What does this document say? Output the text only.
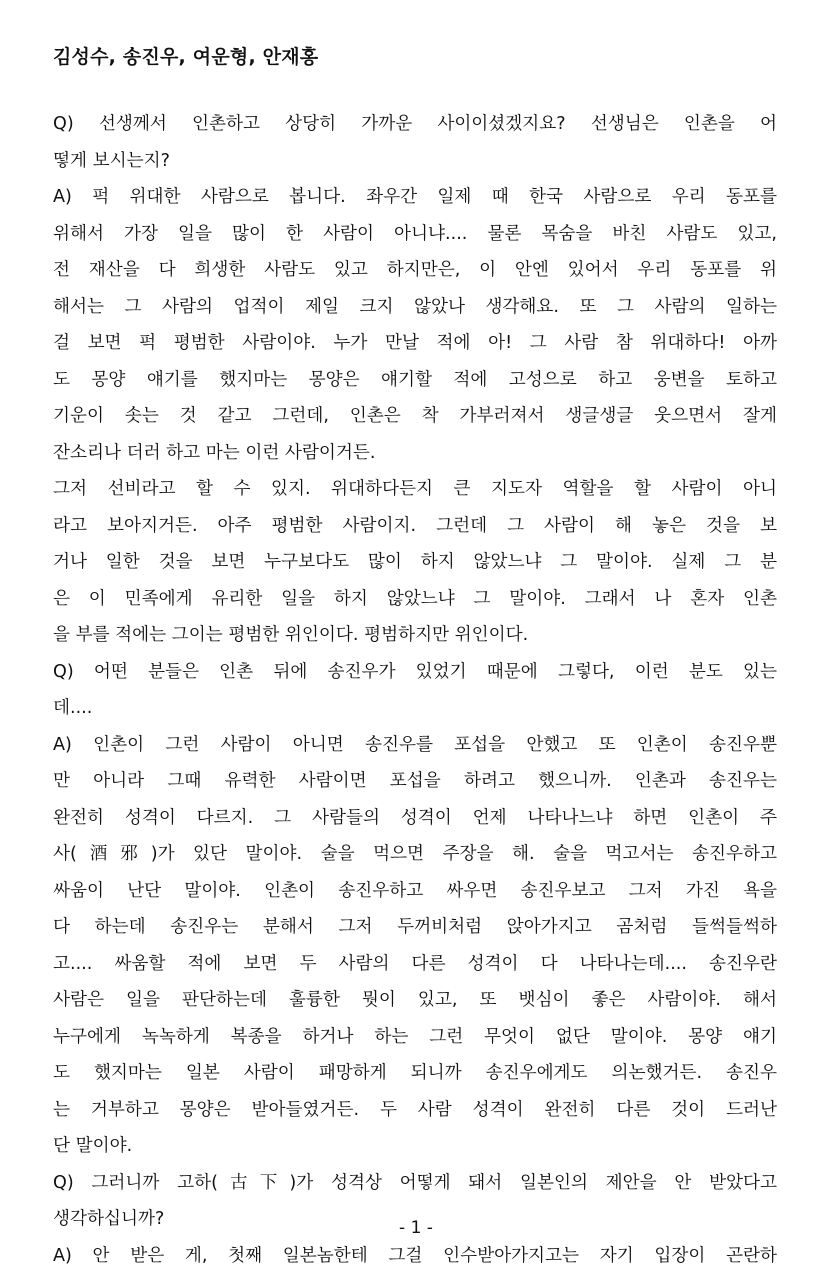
김성수, 송진우, 여운형, 안재홍
Q) 선생께서 인촌하고 상당히 가까운 사이이셨겠지요? 선생님은 인촌을 어
떻게 보시는지?
A) 퍽 위대한 사람으로 봅니다. 좌우간 일제 때 한국 사람으로 우리 동포를
위해서 가장 일을 많이 한 사람이 아니냐.... 물론 목숨을 바친 사람도 있고,
전 재산을 다 희생한 사람도 있고 하지만은, 이 안엔 있어서 우리 동포를 위
해서는 그 사람의 업적이 제일 크지 않았나 생각해요. 또 그 사람의 일하는
걸 보면 퍽 평범한 사람이야. 누가 만날 적에 아! 그 사람 참 위대하다! 아까
도 몽양 얘기를 했지마는 몽양은 얘기할 적에 고성으로 하고 웅변을 토하고
기운이 솟는 것 같고 그런데, 인촌은 착 가부러져서 생글생글 웃으면서 잘게
잔소리나 더러 하고 마는 이런 사람이거든.
그저 선비라고 할 수 있지. 위대하다든지 큰 지도자 역할을 할 사람이 아니
라고 보아지거든. 아주 평범한 사람이지. 그런데 그 사람이 해 놓은 것을 보
거나 일한 것을 보면 누구보다도 많이 하지 않았느냐 그 말이야. 실제 그 분
은 이 민족에게 유리한 일을 하지 않았느냐 그 말이야. 그래서 나 혼자 인촌
을 부를 적에는 그이는 평범한 위인이다. 평범하지만 위인이다.
Q) 어떤 분들은 인촌 뒤에 송진우가 있었기 때문에 그렇다, 이런 분도 있는
데....
A) 인촌이 그런 사람이 아니면 송진우를 포섭을 안했고 또 인촌이 송진우뿐
만 아니라 그때 유력한 사람이면 포섭을 하려고 했으니까. 인촌과 송진우는
완전히 성격이 다르지. 그 사람들의 성격이 언제 나타나느냐 하면 인촌이 주
사(酒邪)가 있단 말이야. 술을 먹으면 주장을 해. 술을 먹고서는 송진우하고
싸움이 난단 말이야. 인촌이 송진우하고 싸우면 송진우보고 그저 가진 욕을
다 하는데 송진우는 분해서 그저 두꺼비처럼 앉아가지고 곰처럼 들썩들썩하
고.... 싸움할 적에 보면 두 사람의 다른 성격이 다 나타나는데.... 송진우란
사람은 일을 판단하는데 훌륭한 뭣이 있고, 또 뱃심이 좋은 사람이야. 해서
누구에게 녹녹하게 복종을 하거나 하는 그런 무엇이 없단 말이야. 몽양 얘기
도 했지마는 일본 사람이 패망하게 되니까 송진우에게도 의논했거든. 송진우
는 거부하고 몽양은 받아들였거든. 두 사람 성격이 완전히 다른 것이 드러난
단 말이야.
Q) 그러니까 고하(古下)가 성격상 어떻게 돼서 일본인의 제안을 안 받았다고
생각하십니까?
A) 안 받은 게, 첫째 일본놈한테 그걸 인수받아가지고는 자기 입장이 곤란하
- 1 -
